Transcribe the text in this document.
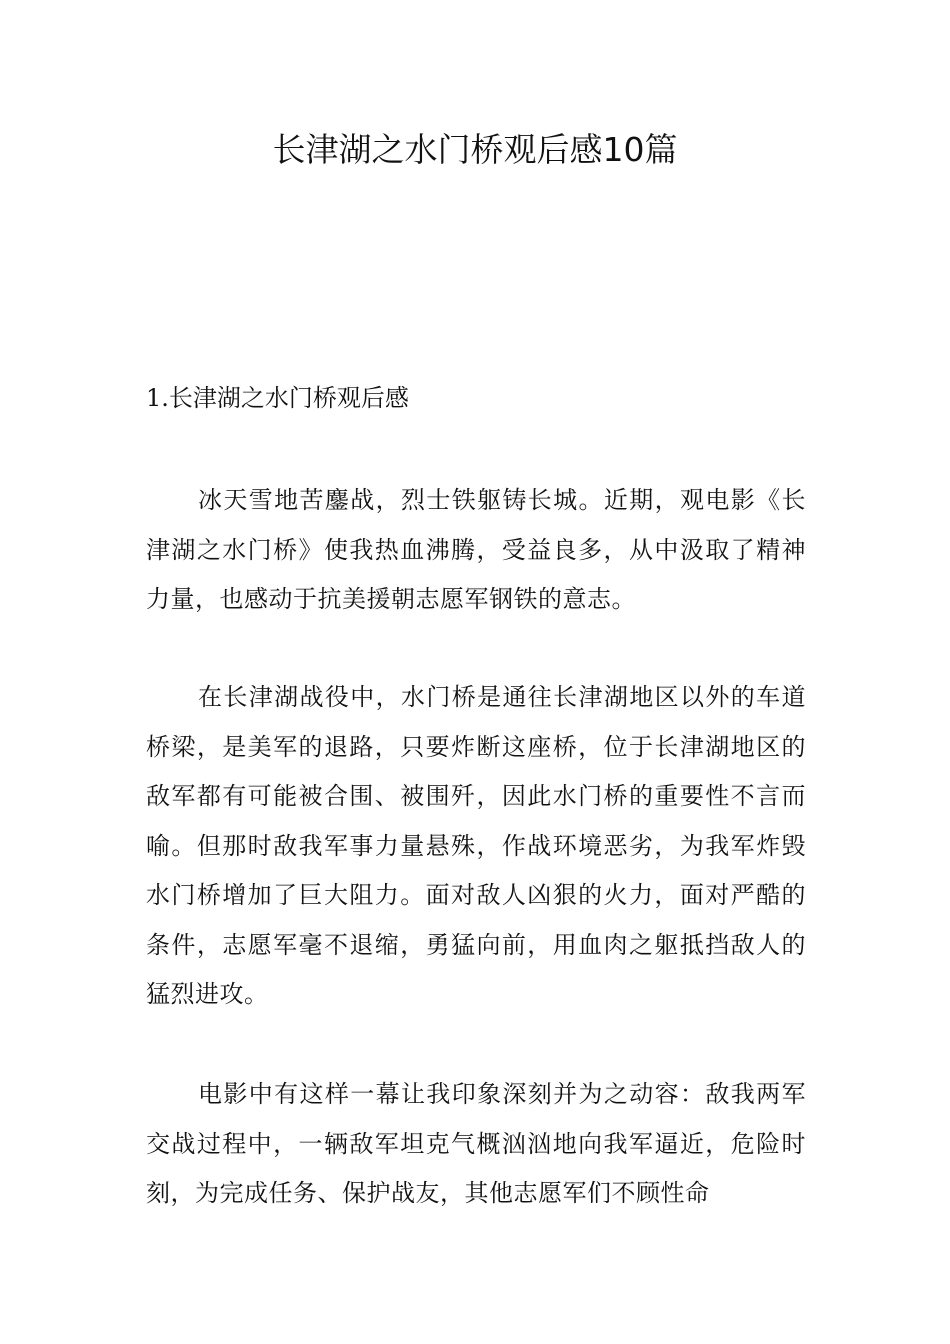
长津湖之水门桥观后感10篇
1.长津湖之水门桥观后感

冰天雪地苦鏖战，烈士铁躯铸长城。近期，观电影《长津湖之水门桥》使我热血沸腾，受益良多，从中汲取了精神力量，也感动于抗美援朝志愿军钢铁的意志。

在长津湖战役中，水门桥是通往长津湖地区以外的车道桥梁，是美军的退路，只要炸断这座桥，位于长津湖地区的敌军都有可能被合围、被围歼，因此水门桥的重要性不言而喻。但那时敌我军事力量悬殊，作战环境恶劣，为我军炸毁水门桥增加了巨大阻力。面对敌人凶狠的火力，面对严酷的条件，志愿军毫不退缩，勇猛向前，用血肉之躯抵挡敌人的猛烈进攻。

电影中有这样一幕让我印象深刻并为之动容：敌我两军交战过程中，一辆敌军坦克气概汹汹地向我军逼近，危险时刻，为完成任务、保护战友，其他志愿军们不顾性命
